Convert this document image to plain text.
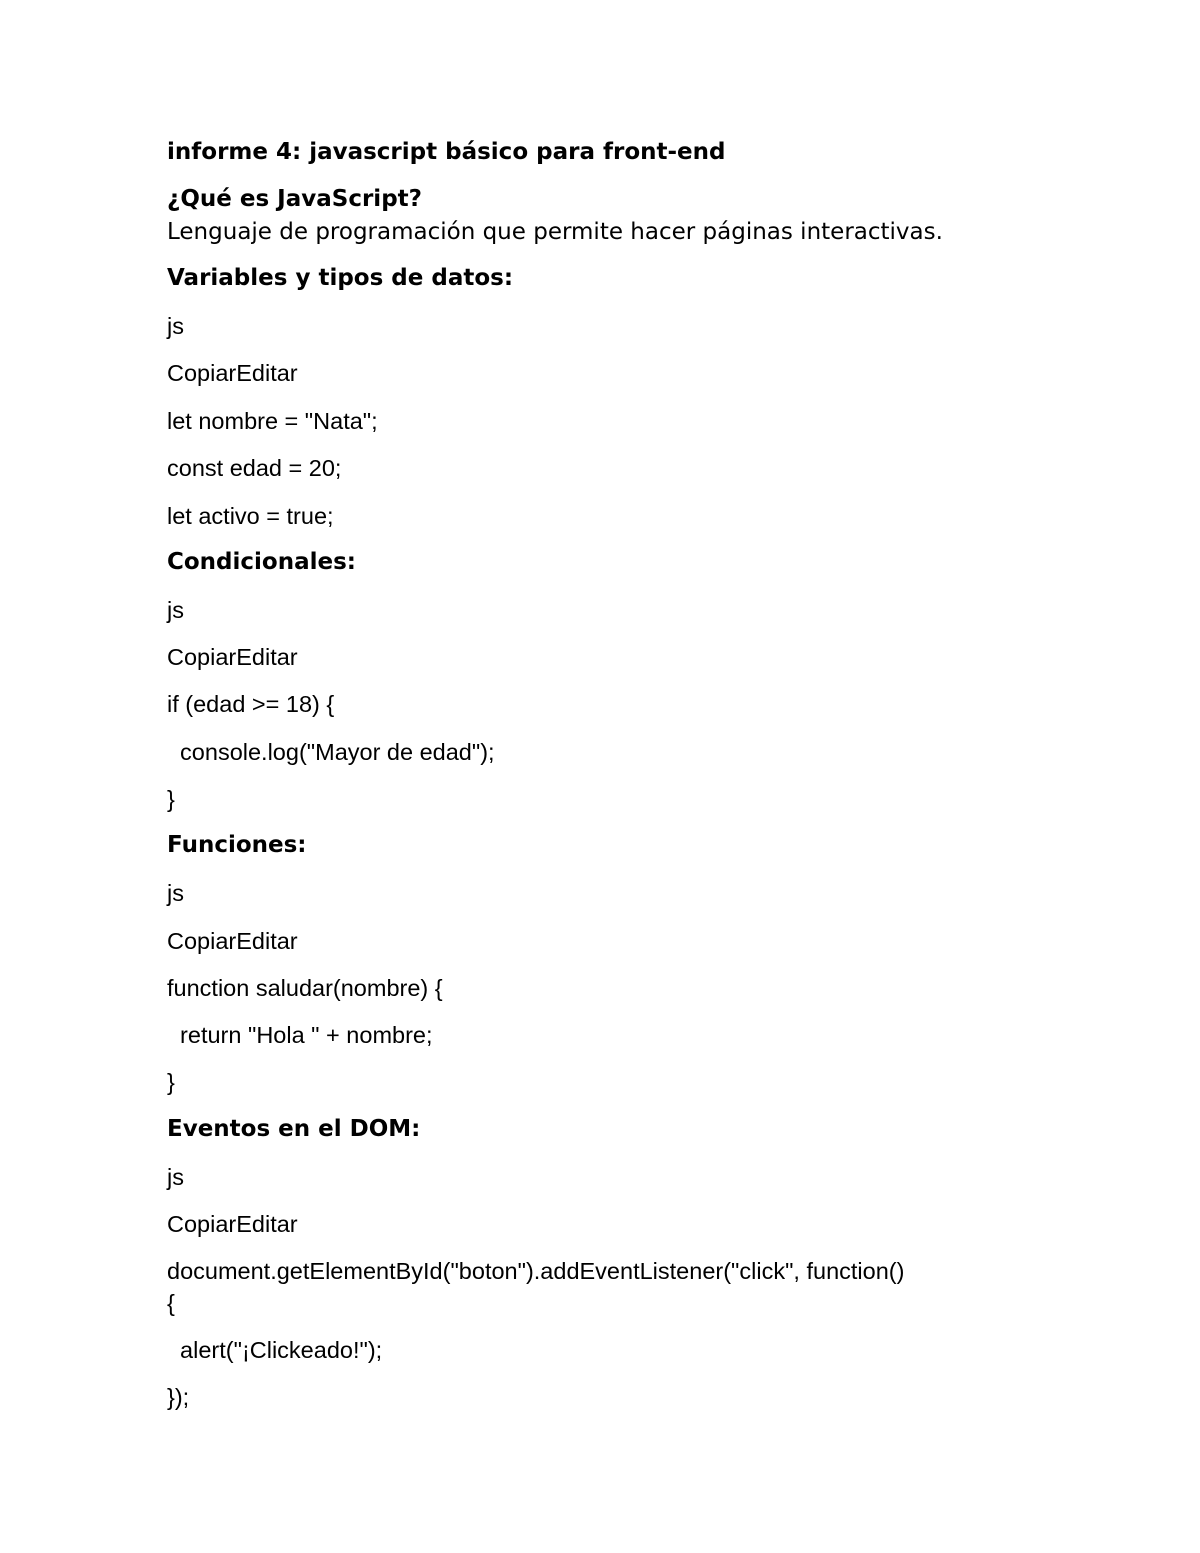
informe 4: javascript básico para front-end
¿Qué es JavaScript?
Lenguaje de programación que permite hacer páginas interactivas.
Variables y tipos de datos:
js
CopiarEditar
let nombre = "Nata";
const edad = 20;
let activo = true;
Condicionales:
js
CopiarEditar
if (edad >= 18) {
console.log("Mayor de edad");
}
Funciones:
js
CopiarEditar
function saludar(nombre) {
return "Hola " + nombre;
}
Eventos en el DOM:
js
CopiarEditar
document.getElementById("boton").addEventListener("click", function()
{
alert("¡Clickeado!");
});
